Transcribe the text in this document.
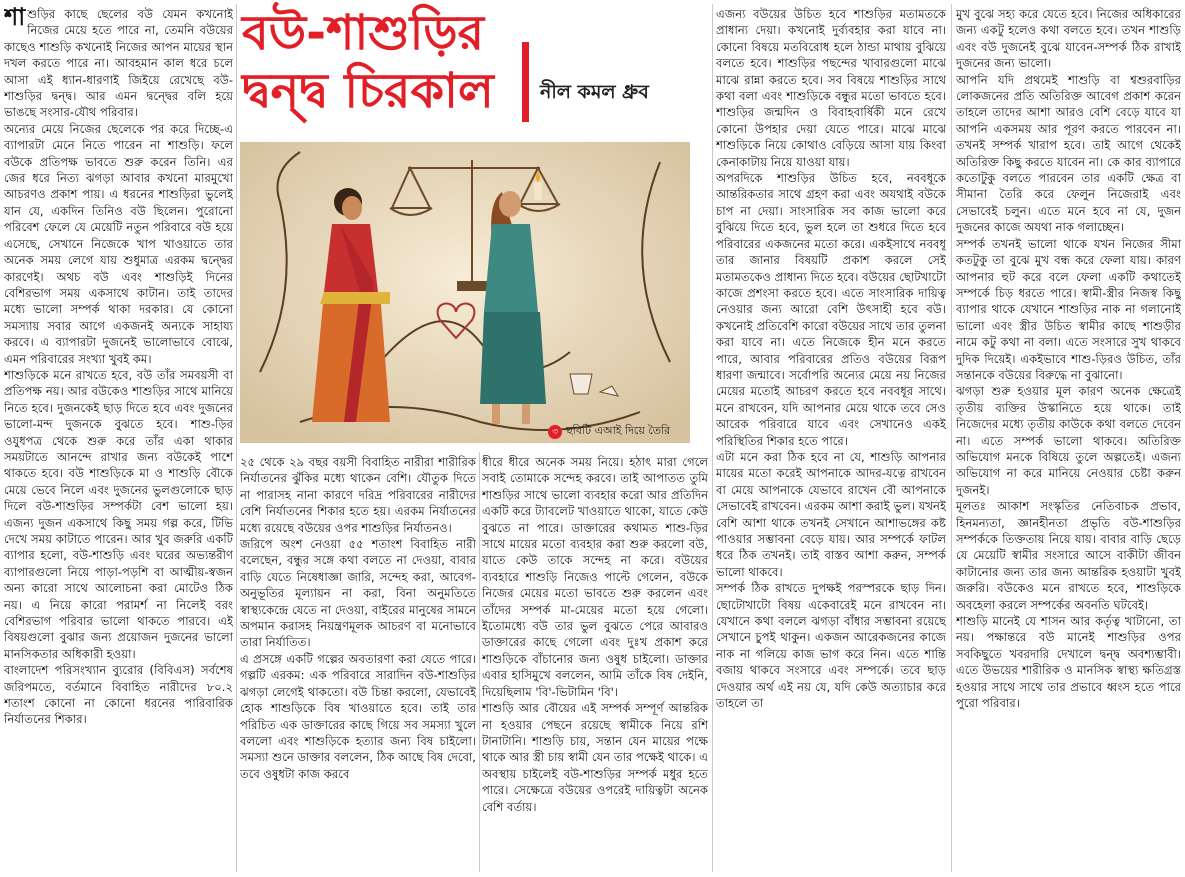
শাশুড়ির কাছে ছেলের বউ যেমন কখনোই নিজের মেয়ে হতে পারে না, তেমনি বউয়ের কাছেও শাশুড়ি কখনোই নিজের আপন মায়ের স্থান দখল করতে পারে না। আবহমান কাল ধরে চলে আসা এই ধ্যান-ধারণাই জিইয়ে রেখেছে বউ-শাশুড়ির দ্বন্দ্ব। আর এমন দ্বন্দ্বের বলি হয়ে ভাঙছে সংসার-যৌথ পরিবার।

অন্যের মেয়ে নিজের ছেলেকে পর করে দিচ্ছে-এ ব্যাপারটা মেনে নিতে পারেন না শাশুড়ি। ফলে বউকে প্রতিপক্ষ ভাবতে শুরু করেন তিনি। এর জের ধরে নিত্য ঝগড়া আবার কখনো মারমুখো আচরণও প্রকাশ পায়। এ ধরনের শাশুড়িরা ভুলেই যান যে, একদিন তিনিও বউ ছিলেন। পুরোনো পরিবেশ ফেলে যে মেয়েটি নতুন পরিবারে বউ হয়ে এসেছে, সেখানে নিজেকে খাপ খাওয়াতে তার অনেক সময় লেগে যায় শুধুমাত্র এরকম দ্বন্দ্বের কারণেই। অথচ বউ এবং শাশুড়িই দিনের বেশিরভাগ সময় একসাথে কাটান। তাই তাদের মধ্যে ভালো সম্পর্ক থাকা দরকার। যে কোনো সমস্যায় সবার আগে একজনই অন্যকে সাহায্য করবে। এ ব্যাপারটা দুজনেই ভালোভাবে বোঝে, এমন পরিবারের সংখ্যা খুবই কম।

শাশুড়িকে মনে রাখতে হবে, বউ তাঁর সমবয়সী বা প্রতিপক্ষ নয়। আর বউকেও শাশুড়ির সাথে মানিয়ে নিতে হবে। দুজনকেই ছাড় দিতে হবে এবং দুজনের ভালো-মন্দ দুজনকে বুঝতে হবে। শাশু-ড়ির ওযুধপত্র থেকে শুরু করে তাঁর একা থাকার সময়টাতে আনন্দে রাখার জন্য বউকেই পাশে থাকতে হবে। বউ শাশুড়িকে মা ও শাশুড়ি বৌকে মেয়ে ভেবে নিলে এবং দুজনের ভুলগুলোকে ছাড় দিলে বউ-শাশুড়ির সম্পর্কটা বেশ ভালো হয়। এজন্য দুজন একসাথে কিছু সময় গল্প করে, টিভি দেখে সময় কাটাতে পারেন। আর খুব জরুরি একটি ব্যাপার হলো, বউ-শাশুড়ি এবং ঘরের অভ্যন্তরীণ ব্যাপারগুলো নিয়ে পাড়া-পড়শি বা আত্মীয়-স্বজন অন্য কারো সাথে আলোচনা করা মোটেও ঠিক নয়। এ নিয়ে কারো পরামর্শ না নিলেই বরং বেশিরভাগ পরিবার ভালো থাকতে পারবে। এই বিষয়গুলো বুঝার জন্য প্রয়োজন দুজনের ভালো মানসিকতার অধিকারী হওয়া।

বাংলাদেশ পরিসংখ্যান ব্যুরোর (বিবিএস) সর্বশেষ জরিপমতে, বর্তমানে বিবাহিত নারীদের ৮০.২ শতাংশ কোনো না কোনো ধরনের পারিবারিক নির্যাতনের শিকার।

বউ-শাশুড়ির
দ্বন্দ্ব চিরকাল	নীল কমল ধ্রুব
৩ ছবিটি এআই দিয়ে তৈরি

২৫ থেকে ২৯ বছর বয়সী বিবাহিত নারীরা শারীরিক নির্যাতনের ঝুঁকির মধ্যে থাকেন বেশি। যৌতুক দিতে না পারাসহ নানা কারণে দরিদ্র পরিবারের নারীদের বেশি নির্যাতনের শিকার হতে হয়। এরকম নির্যাতনের মধ্যে রয়েছে বউয়ের ওপর শাশুড়ির নির্যাতনও।

জরিপে অংশ নেওয়া ৫৫ শতাংশ বিবাহিত নারী বলেছেন, বন্ধুর সঙ্গে কথা বলতে না দেওয়া, বাবার বাড়ি যেতে নিষেধাজ্ঞা জারি, সন্দেহ করা, আবেগ-অনুভূতির মূল্যায়ন না করা, বিনা অনুমতিতে স্বাস্থ্যকেন্দ্রে যেতে না দেওয়া, বাইরের মানুষের সামনে অপমান করাসহ নিয়ন্ত্রণমূলক আচরণ বা মনোভাবে তারা নির্যাতিত।

এ প্রসঙ্গে একটি গল্পের অবতারণা করা যেতে পারে। গল্পটি এরকম: এক পরিবারে সারাদিন বউ-শাশুড়ির ঝগড়া লেগেই থাকতো। বউ চিন্তা করলো, যেভাবেই হোক শাশুড়িকে বিষ খাওয়াতে হবে। তাই তার পরিচিত এক ডাক্তারের কাছে গিয়ে সব সমস্যা খুলে বললো এবং শাশুড়িকে হত্যার জন্য বিষ চাইলো। সমস্যা শুনে ডাক্তার বললেন, ঠিক আছে বিষ দেবো, তবে ওষুধটা কাজ করবে

ধীরে ধীরে অনেক সময় নিয়ে। হঠাৎ মারা গেলে সবাই তোমাকে সন্দেহ করবে। তাই আপাতত তুমি শাশুড়ির সাথে ভালো ব্যবহার করো আর প্রতিদিন একটি করে ট্যাবলেট খাওয়াতে থাকো, যাতে কেউ বুঝতে না পারে। ডাক্তারের কথামত শাশু-ড়ির সাথে মায়ের মতো ব্যবহার করা শুরু করলো বউ, যাতে কেউ তাকে সন্দেহ না করে। বউয়ের ব্যবহারে শাশুড়ি নিজেও পাল্টে গেলেন, বউকে নিজের মেয়ের মতো ভাবতে শুরু করলেন এবং তাঁদের সম্পর্ক মা-মেয়ের মতো হয়ে গেলো। ইতোমধ্যে বউ তার ভুল বুঝতে পেরে আবারও ডাক্তারের কাছে গেলো এবং দুঃখ প্রকাশ করে শাশুড়িকে বাঁচানোর জন্য ওষুধ চাইলো। ডাক্তার এবার হাসিমুখে বললেন, আমি তাঁকে বিষ দেইনি, দিয়েছিলাম 'বি'-ভিটামিন 'বি'।

শাশুড়ি আর বৌয়ের এই সম্পর্ক সম্পূর্ণ আন্তরিক না হওয়ার পেছনে রয়েছে স্বামীকে নিয়ে রশি টানাটানি। শাশুড়ি চায়, সন্তান যেন মায়ের পক্ষে থাকে আর স্ত্রী চায় স্বামী যেন তার পক্ষেই থাকে। এ অবস্থায় চাইলেই বউ-শাশুড়ির সম্পর্ক মধুর হতে পারে। সেক্ষেত্রে বউয়ের ওপরেই দায়িত্বটা অনেক বেশি বর্তায়।

এজন্য বউয়ের উচিত হবে শাশুড়ির মতামতকে প্রাধান্য দেয়া। কখনোই দুর্ব্যবহার করা যাবে না। কোনো বিষয়ে মতবিরোধ হলে ঠান্ডা মাথায় বুঝিয়ে বলতে হবে। শাশুড়ির পছন্দের খাবারগুলো মাঝে মাঝে রান্না করতে হবে। সব বিষয়ে শাশুড়ির সাথে কথা বলা এবং শাশুড়িকে বন্ধুর মতো ভাবতে হবে। শাশুড়ির জন্মদিন ও বিবাহবার্ষিকী মনে রেখে কোনো উপহার দেয়া যেতে পারে। মাঝে মাঝে শাশুড়িকে নিয়ে কোথাও বেড়িয়ে আসা যায় কিংবা কেনাকাটায় নিয়ে যাওয়া যায়।

অপরদিকে শাশুড়ির উচিত হবে, নববধূকে আন্তরিকতার সাথে গ্রহণ করা এবং অযথাই বউকে চাপ না দেয়া। সাংসারিক সব কাজ ভালো করে বুঝিয়ে দিতে হবে, ভুল হলে তা শুধরে দিতে হবে পরিবারের একজনের মতো করে। একইসাথে নববধূ তার জানার বিষয়টি প্রকাশ করলে সেই মতামতকেও প্রাধান্য দিতে হবে। বউয়ের ছোটখাটো কাজে প্রশংসা করতে হবে। এতে সাংসারিক দায়িত্ব নেওয়ার জন্য আরো বেশি উৎসাহী হবে বউ। কখনোই প্রতিবেশি কারো বউয়ের সাথে তার তুলনা করা যাবে না। এতে নিজেকে হীন মনে করতে পারে, আবার পরিবারের প্রতিও বউয়ের বিরূপ ধারণা জন্মাবে। সর্বোপরি অন্যের মেয়ে নয় নিজের মেয়ের মতোই আচরণ করতে হবে নববধূর সাথে। মনে রাখবেন, যদি আপনার মেয়ে থাকে তবে সেও আরেক পরিবারে যাবে এবং সেখানেও একই পরিস্থিতির শিকার হতে পারে।

এটা মনে করা ঠিক হবে না যে, শাশুড়ি আপনার মায়ের মতো করেই আপনাকে আদর-যত্নে রাখবেন বা মেয়ে আপনাকে যেভাবে রাখেন বৌ আপনাকে সেভাবেই রাখবেন। এরকম আশা করাই ভুল। যখনই বেশি আশা থাকে তখনই সেখানে আশাভঙ্গের কষ্ট পাওয়ার সম্ভাবনা বেড়ে যায়। আর সম্পর্কে ফাটল ধরে ঠিক তখনই। তাই বাস্তব আশা করুন, সম্পর্ক ভালো থাকবে।

সম্পর্ক ঠিক রাখতে দুপক্ষই পরস্পরকে ছাড় দিন। ছোটোখাটো বিষয় একেবারেই মনে রাখবেন না। যেখানে কথা বললে ঝগড়া বাঁধার সম্ভাবনা রয়েছে সেখানে চুপই থাকুন। একজন আরেকজনের কাজে নাক না গলিয়ে কাজ ভাগ করে নিন। এতে শান্তি বজায় থাকবে সংসারে এবং সম্পর্কে। তবে ছাড় দেওয়ার অর্থ এই নয় যে, যদি কেউ অত্যাচার করে তাহলে তা

মুখ বুঝে সহ্য করে যেতে হবে। নিজের অধিকারের জন্য একটু হলেও কথা বলতে হবে। তখন শাশুড়ি এবং বউ দুজনেই বুঝে যাবেন-সম্পর্ক ঠিক রাখাই দুজনের জন্য ভালো।

আপনি যদি প্রথমেই শাশুড়ি বা শ্বশুরবাড়ির লোকজনের প্রতি অতিরিক্ত আবেগ প্রকাশ করেন তাহলে তাদের আশা আরও বেশি বেড়ে যাবে যা আপনি একসময় আর পূরণ করতে পারবেন না। তখনই সম্পর্ক খারাপ হবে। তাই আগে থেকেই অতিরিক্ত কিছু করতে যাবেন না। কে কার ব্যাপারে কতোটুকু বলতে পারবেন তার একটি ক্ষেত্র বা সীমানা তৈরি করে ফেলুন নিজেরাই এবং সেভাবেই চলুন। এতে মনে হবে না যে, দুজন দুজনের কাজে অযথা নাক গলাচ্ছেন।

সম্পর্ক তখনই ভালো থাকে যখন নিজের সীমা কতটুকু তা বুঝে মুখ বন্ধ করে ফেলা যায়। কারণ আপনার হুট করে বলে ফেলা একটি কথাতেই সম্পর্কে চিড় ধরতে পারে। স্বামী-স্ত্রীর নিজস্ব কিছু ব্যাপার থাকে যেখানে শাশুড়ির নাক না গলানোই ভালো এবং স্ত্রীর উচিত স্বামীর কাছে শাশুড়ীর নামে কটু কথা না বলা। এতে সংসারে সুখ থাকবে দুদিক দিয়েই। একইভাবে শাশু-ড়িরও উচিত, তাঁর সন্তানকে বউয়ের বিরুদ্ধে না বুঝানো।

ঝগড়া শুরু হওয়ার মূল কারণ অনেক ক্ষেত্রেই তৃতীয় ব্যক্তির উস্কানিতে হয়ে থাকে। তাই নিজেদের মধ্যে তৃতীয় কাউকে কথা বলতে দেবেন না। এতে সম্পর্ক ভালো থাকবে। অতিরিক্ত অভিযোগ মনকে বিষিয়ে তুলে অল্পতেই। এজন্য অভিযোগ না করে মানিয়ে নেওয়ার চেষ্টা করুন দুজনই।

মূলতঃ আকাশ সংস্কৃতির নেতিবাচক প্রভাব, হিনমন্যতা, জ্ঞানহীনতা প্রভৃতি বউ-শাশুড়ির সম্পর্ককে তিক্ততায় নিয়ে যায়। বাবার বাড়ি ছেড়ে যে মেয়েটি স্বামীর সংসারে আসে বাকীটা জীবন কাটানোর জন্য তার জন্য আন্তরিক হওয়াটা খুবই জরুরি। বউকেও মনে রাখতে হবে, শাশুড়িকে অবহেলা করলে সম্পর্কের অবনতি ঘটবেই।

শাশুড়ি মানেই যে শাসন আর কর্তৃত্ব খাটানো, তা নয়। পক্ষান্তরে বউ মানেই শাশুড়ির ওপর সবকিছুতে খবরদারি দেখালে দ্বন্দ্ব অবশ্যম্ভাবী। এতে উভয়ের শারীরিক ও মানসিক স্বাস্থ্য ক্ষতিগ্রস্ত হওয়ার সাথে সাথে তার প্রভাবে ধ্বংস হতে পারে পুরো পরিবার।
